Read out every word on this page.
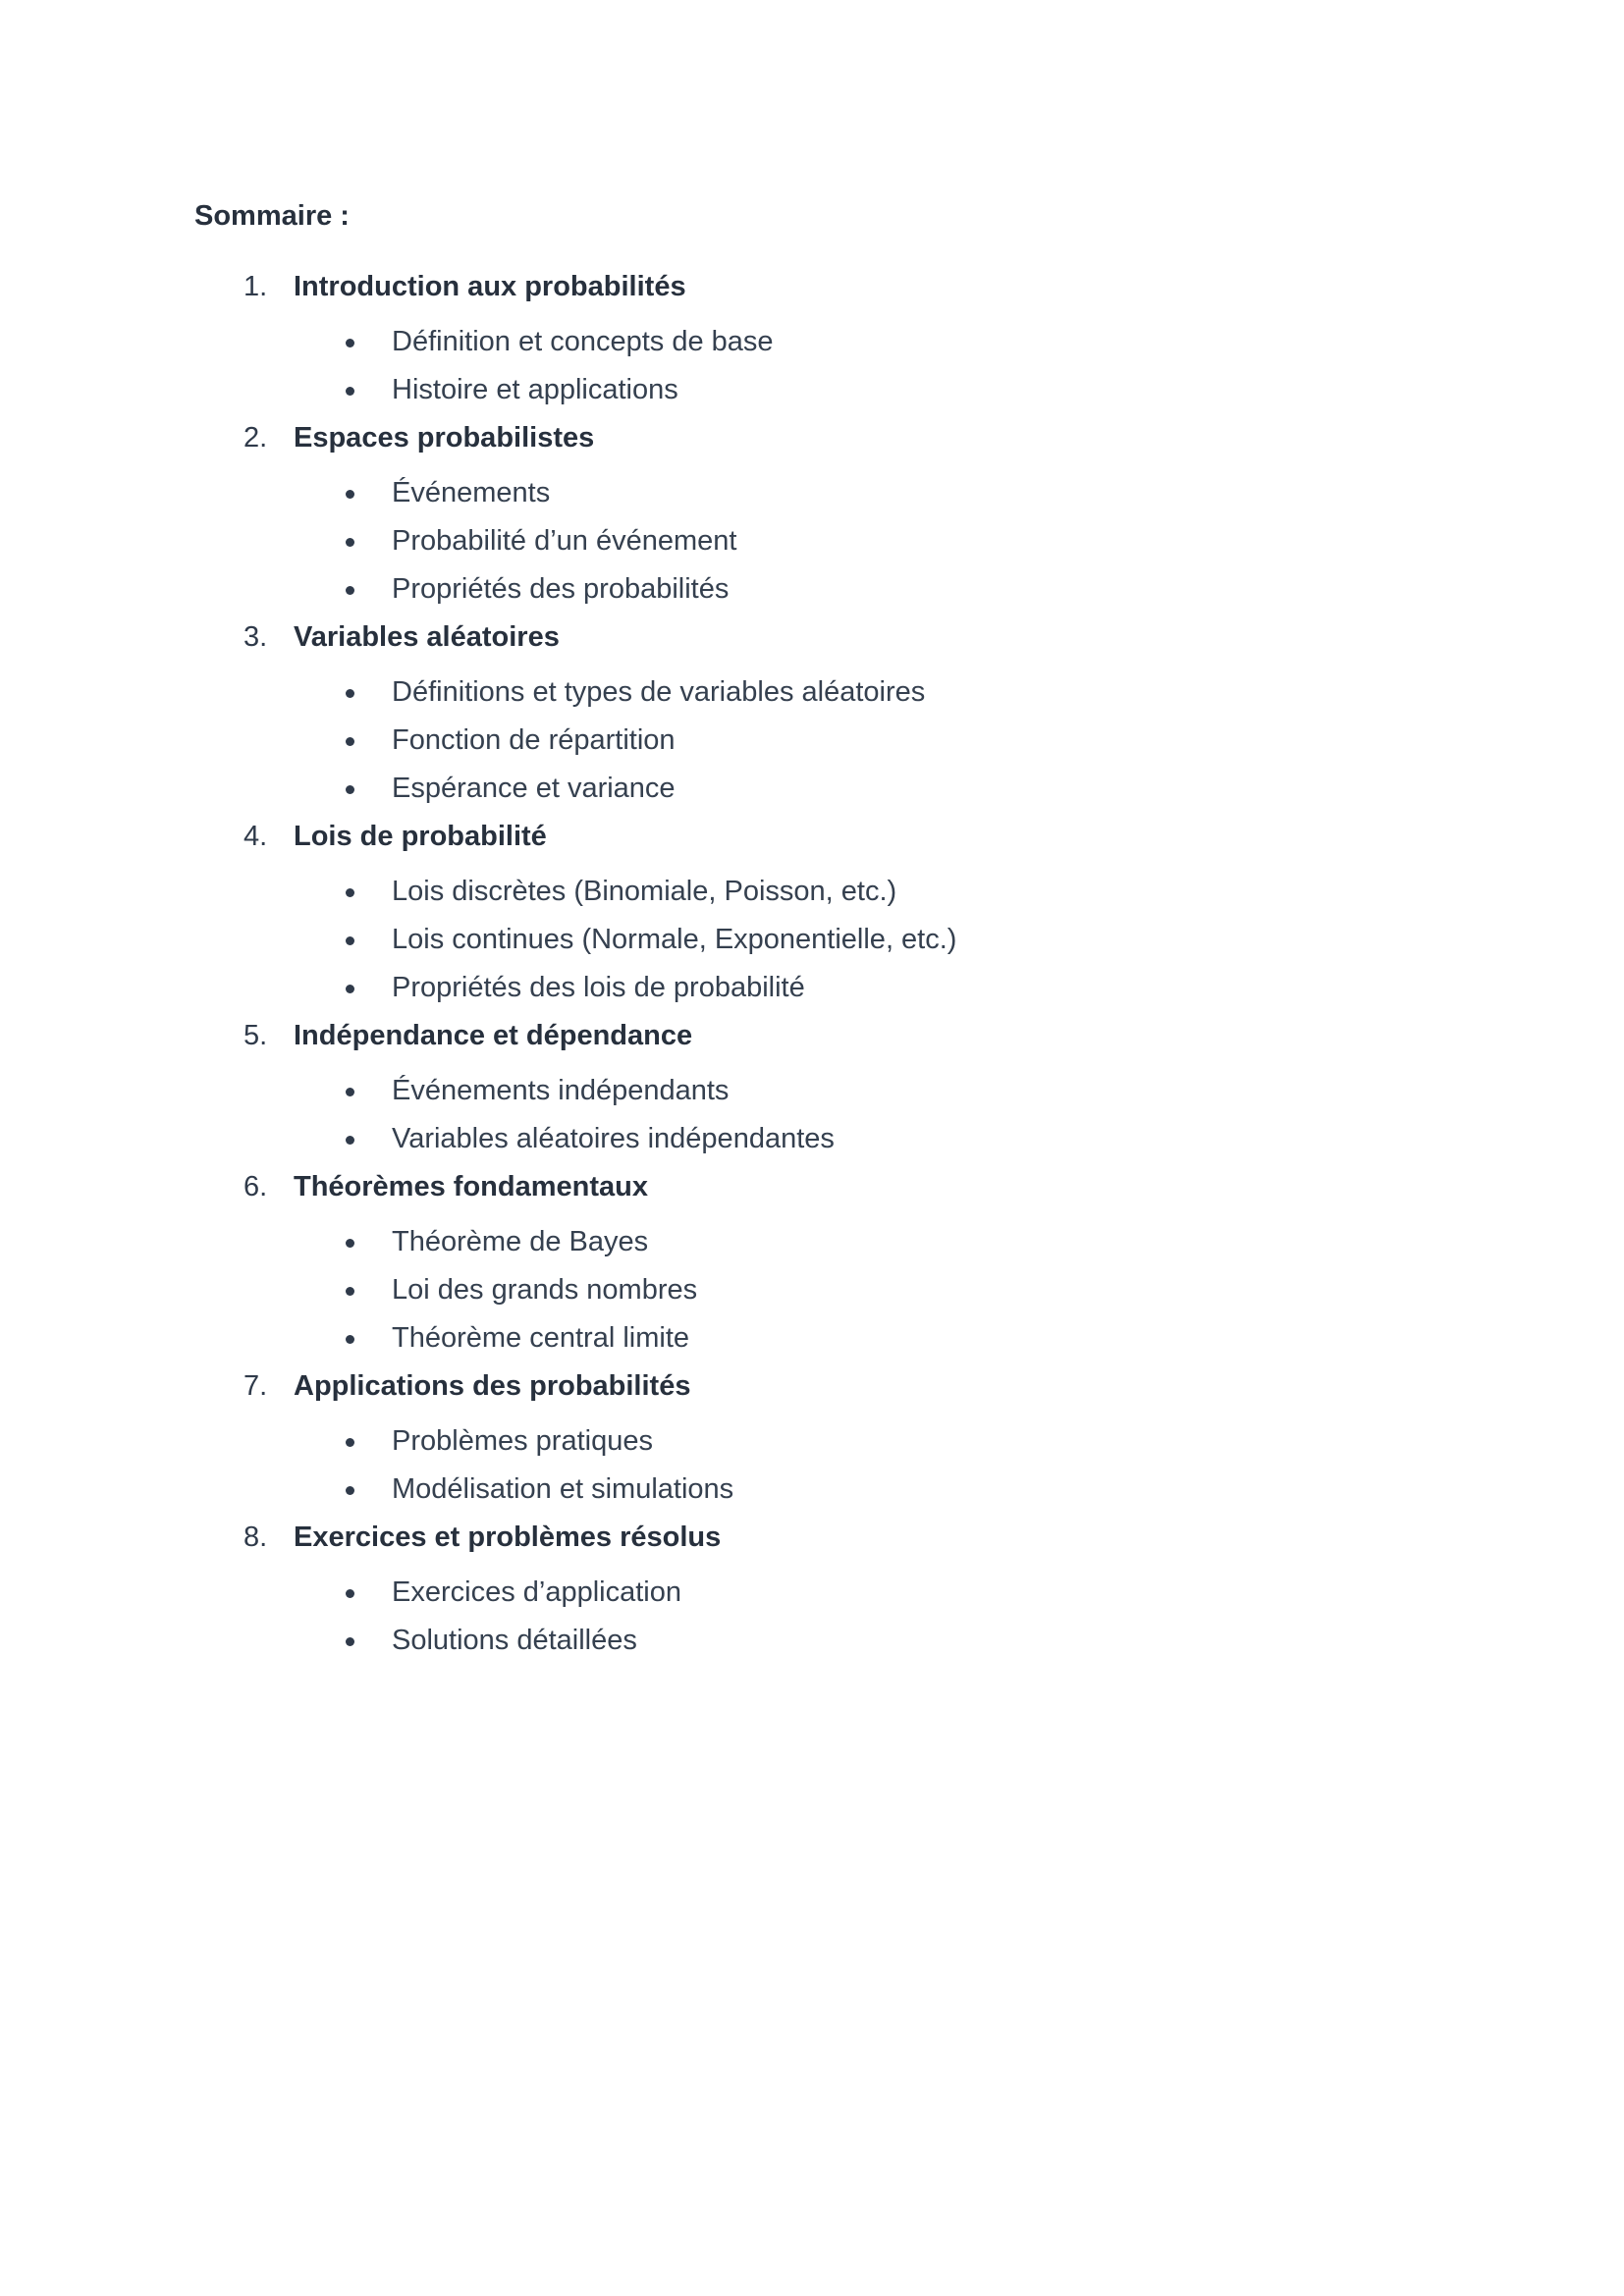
Sommaire :
1. Introduction aux probabilités
Définition et concepts de base
Histoire et applications
2. Espaces probabilistes
Événements
Probabilité d’un événement
Propriétés des probabilités
3. Variables aléatoires
Définitions et types de variables aléatoires
Fonction de répartition
Espérance et variance
4. Lois de probabilité
Lois discrètes (Binomiale, Poisson, etc.)
Lois continues (Normale, Exponentielle, etc.)
Propriétés des lois de probabilité
5. Indépendance et dépendance
Événements indépendants
Variables aléatoires indépendantes
6. Théorèmes fondamentaux
Théorème de Bayes
Loi des grands nombres
Théorème central limite
7. Applications des probabilités
Problèmes pratiques
Modélisation et simulations
8. Exercices et problèmes résolus
Exercices d’application
Solutions détaillées
